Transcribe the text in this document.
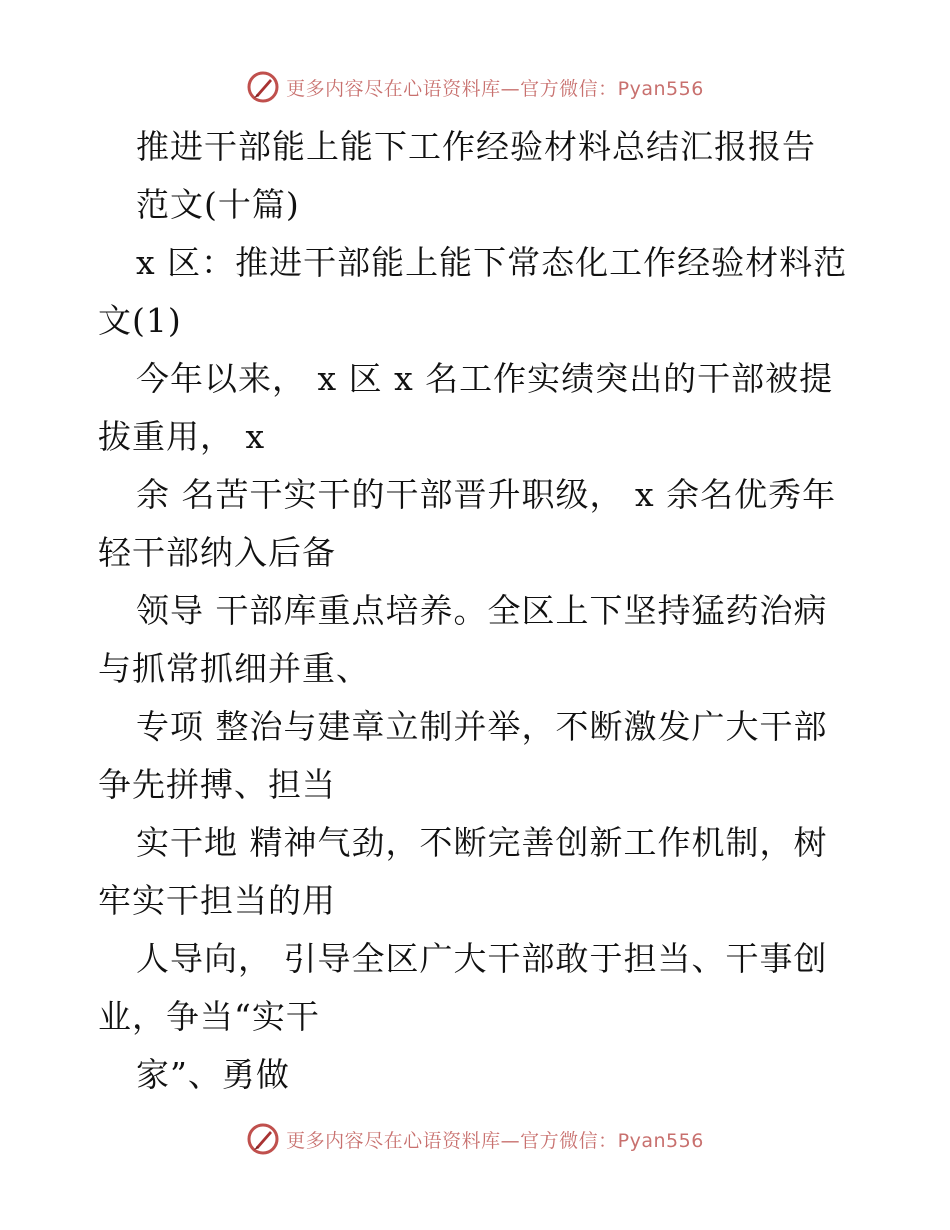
更多内容尽在心语资料库—官方微信：Pyan556
推进干部能上能下工作经验材料总结汇报报告
范文(十篇)
x 区：推进干部能上能下常态化工作经验材料范
文(1)
今年以来， x 区 x 名工作实绩突出的干部被提
拔重用， x
余 名苦干实干的干部晋升职级， x 余名优秀年
轻干部纳入后备
领导 干部库重点培养。全区上下坚持猛药治病
与抓常抓细并重、
专项 整治与建章立制并举，不断激发广大干部
争先拼搏、担当
实干地 精神气劲，不断完善创新工作机制，树
牢实干担当的用
人导向， 引导全区广大干部敢于担当、干事创
业，争当“实干
家”、勇做
更多内容尽在心语资料库—官方微信：Pyan556
